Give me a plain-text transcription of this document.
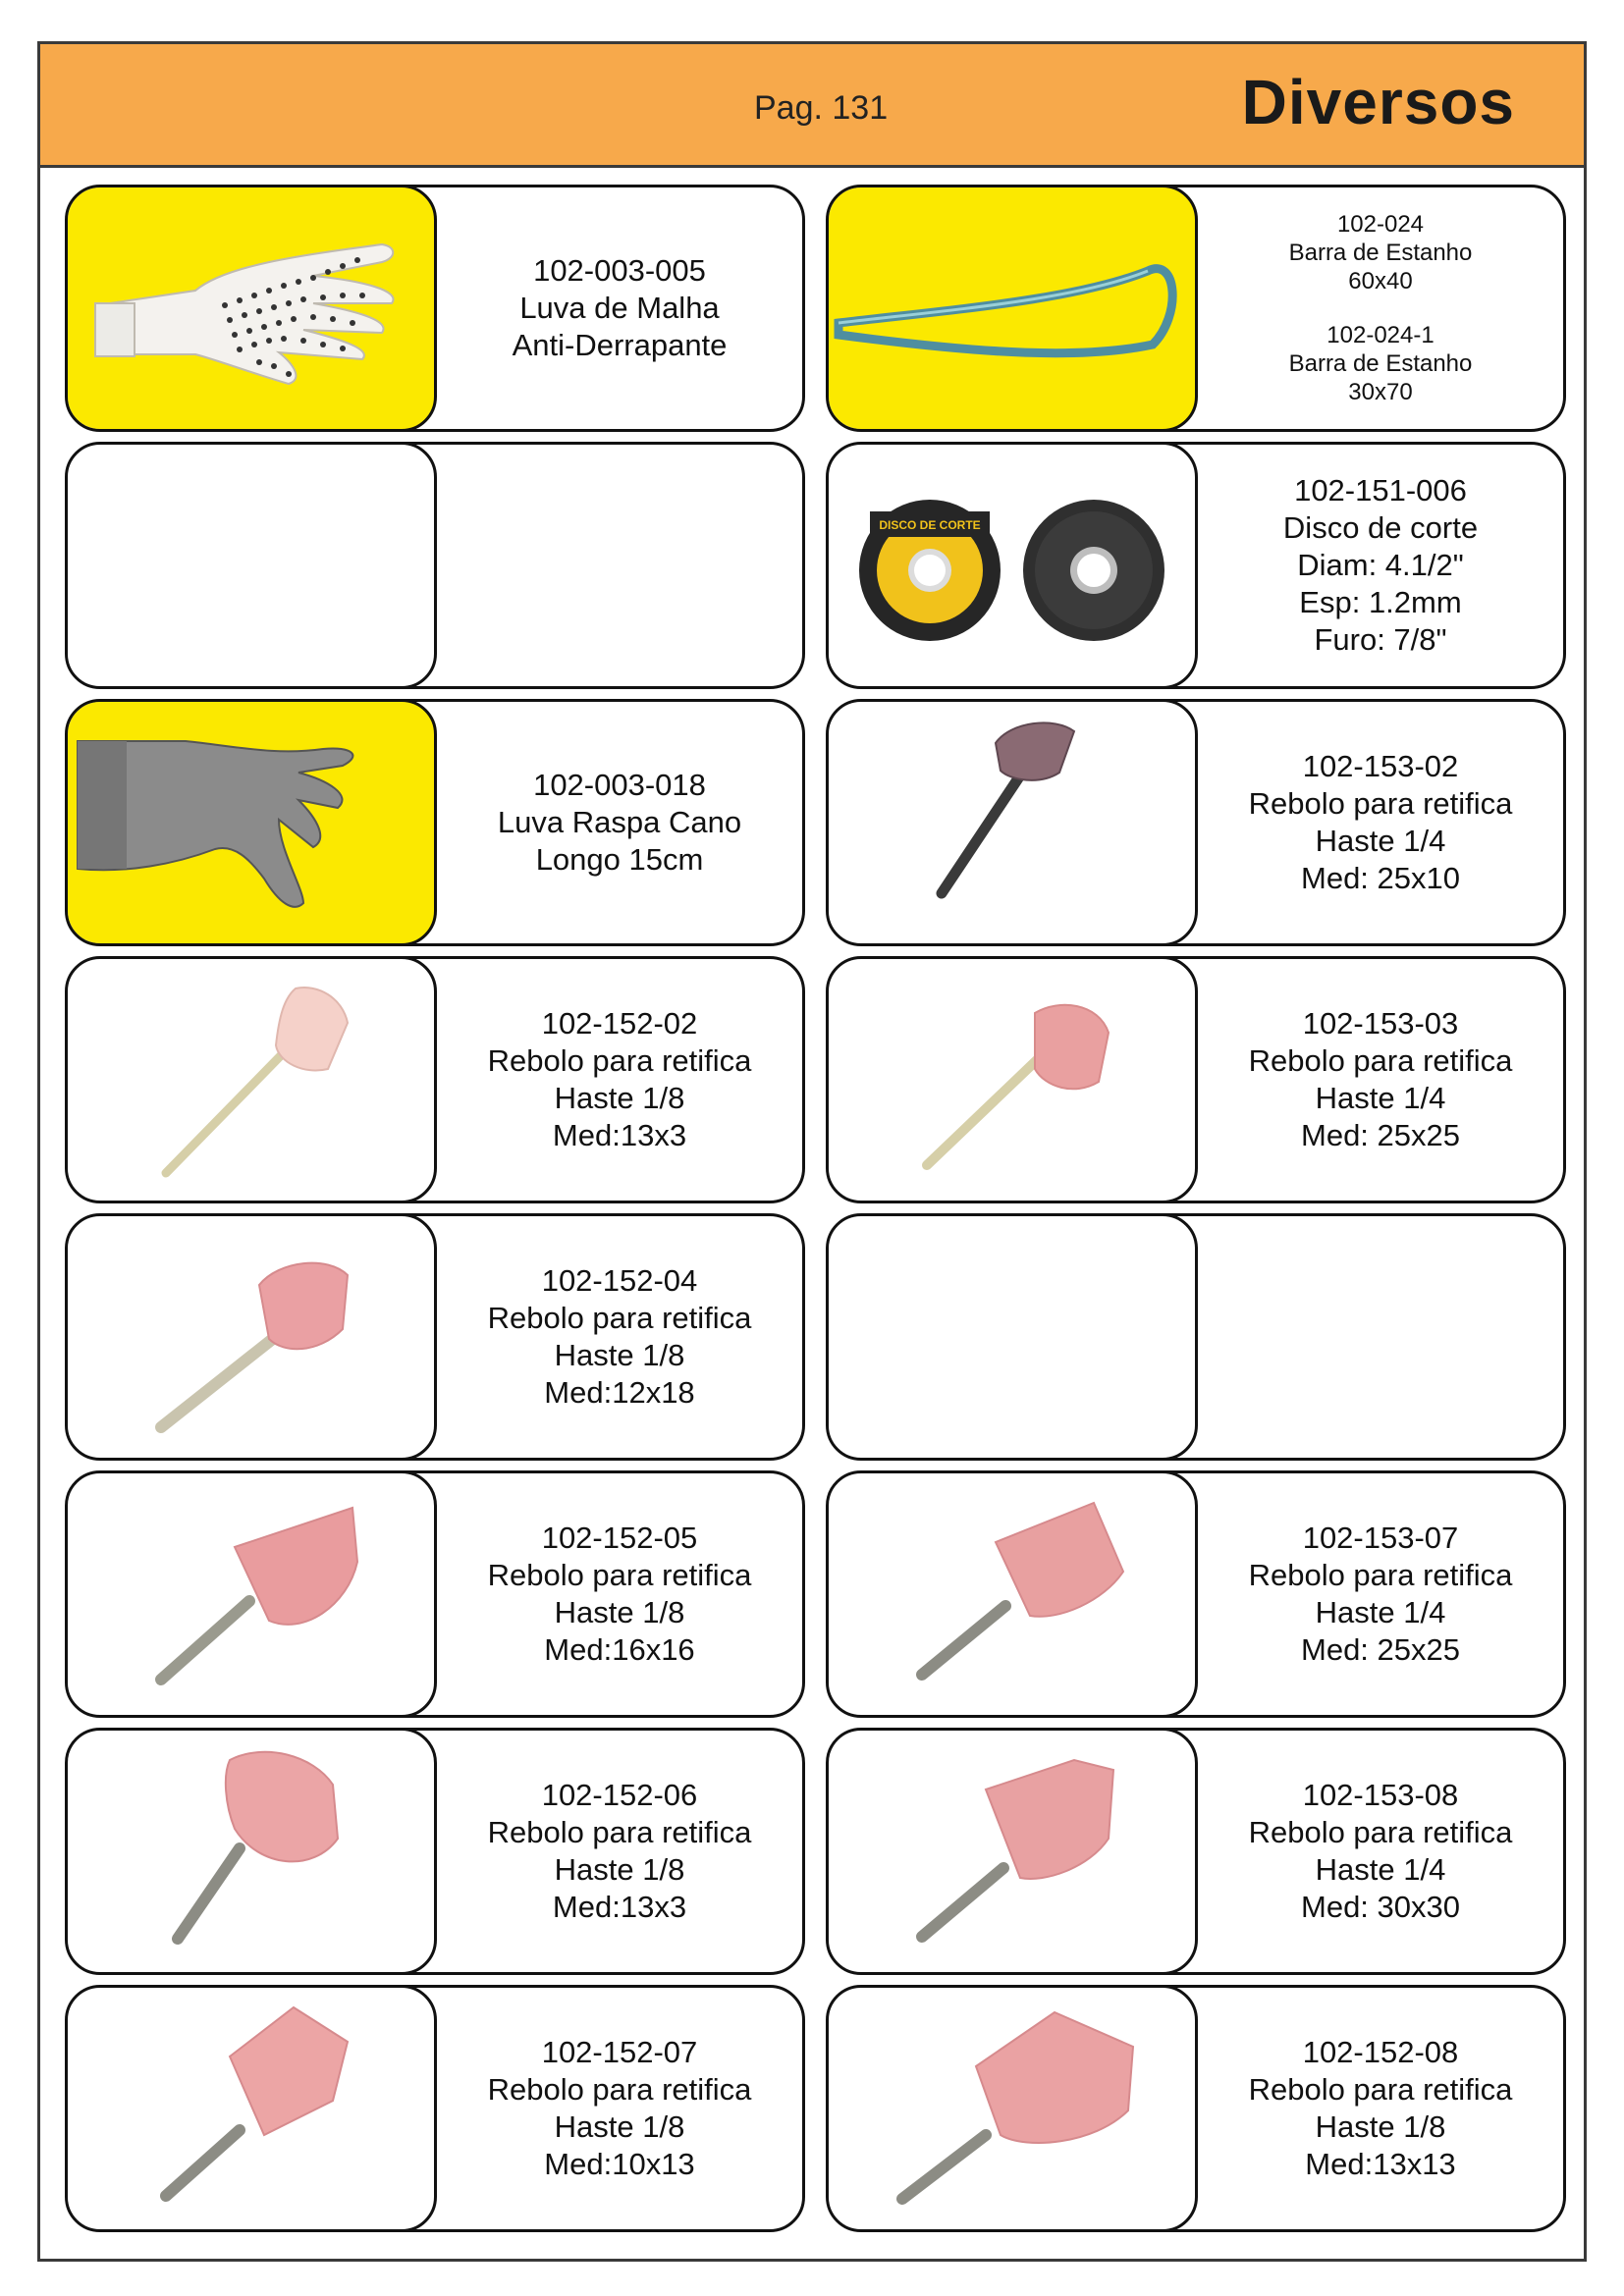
Pag. 131	Diversos
102-003-005
Luva de Malha
Anti-Derrapante
102-024
Barra de Estanho
60x40
102-024-1
Barra de Estanho
30x70
DISCO DE CORTE
102-151-006
Disco de corte
Diam: 4.1/2"
Esp: 1.2mm
Furo: 7/8"
102-003-018
Luva Raspa Cano
Longo 15cm
102-153-02
Rebolo para retifica
Haste 1/4
Med: 25x10
102-152-02
Rebolo para retifica
Haste 1/8
Med:13x3
102-153-03
Rebolo para retifica
Haste 1/4
Med: 25x25
102-152-04
Rebolo para retifica
Haste 1/8
Med:12x18
102-152-05
Rebolo para retifica
Haste 1/8
Med:16x16
102-153-07
Rebolo para retifica
Haste 1/4
Med: 25x25
102-152-06
Rebolo para retifica
Haste 1/8
Med:13x3
102-153-08
Rebolo para retifica
Haste 1/4
Med: 30x30
102-152-07
Rebolo para retifica
Haste 1/8
Med:10x13
102-152-08
Rebolo para retifica
Haste 1/8
Med:13x13
